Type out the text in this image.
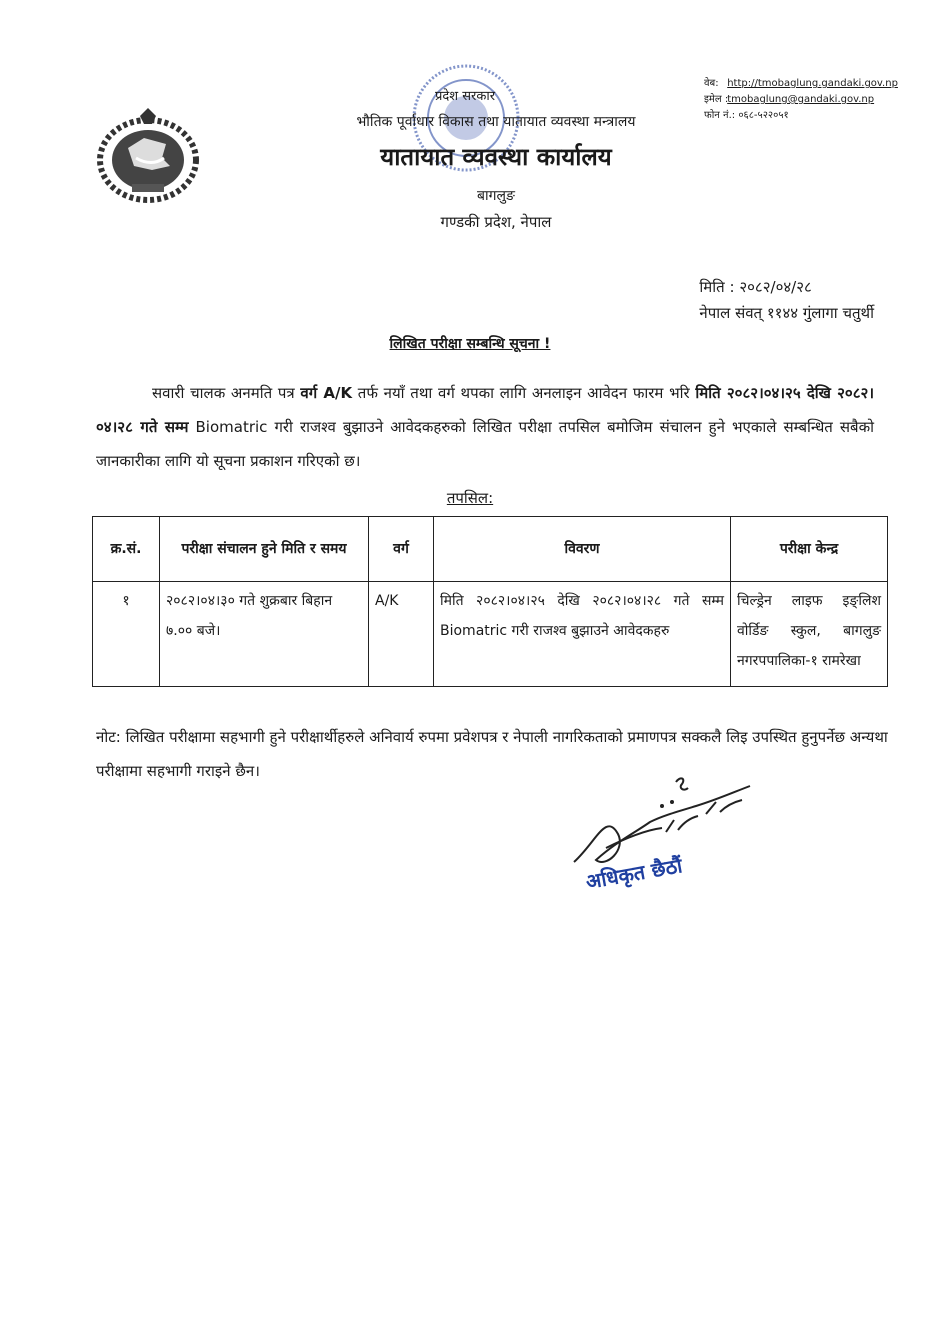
प्रदेश सरकार
भौतिक पूर्वाधार विकास तथा यातायात व्यवस्था मन्त्रालय
यातायात व्यवस्था कार्यालय
बागलुङ
गण्डकी प्रदेश, नेपाल
वेब: http://tmobaglung.gandaki.gov.np
इमेल : tmobaglung@gandaki.gov.np
फोन नं.: ०६८-५२२०५१
मिति : २०८२/०४/२८
नेपाल संवत् ११४४ गुंलागा चतुर्थी
लिखित परीक्षा सम्बन्धि सूचना !
सवारी चालक अनमति पत्र वर्ग A/K तर्फ नयाँ तथा वर्ग थपका लागि अनलाइन आवेदन फारम भरि मिति २०८२।०४।२५ देखि २०८२।०४।२८ गते सम्म Biomatric गरी राजश्व बुझाउने आवेदकहरुको लिखित परीक्षा तपसिल बमोजिम संचालन हुने भएकाले सम्बन्धित सबैको जानकारीका लागि यो सूचना प्रकाशन गरिएको छ।
तपसिल:
क्र.सं.	परीक्षा संचालन हुने मिति र समय	वर्ग	विवरण	परीक्षा केन्द्र
१	२०८२।०४।३० गते शुक्रबार बिहान ७.०० बजे।	A/K	मिति २०८२।०४।२५ देखि २०८२।०४।२८ गते सम्म Biomatric गरी राजश्व बुझाउने आवेदकहरु	चिल्ड्रेन लाइफ इङ्लिश वोर्डिङ स्कुल, बागलुङ नगरपपालिका-१ रामरेखा
नोट: लिखित परीक्षामा सहभागी हुने परीक्षार्थीहरुले अनिवार्य रुपमा प्रवेशपत्र र नेपाली नागरिकताको प्रमाणपत्र सक्कलै लिइ उपस्थित हुनुपर्नेछ अन्यथा परीक्षामा सहभागी गराइने छैन।
अधिकृत छैठौं
